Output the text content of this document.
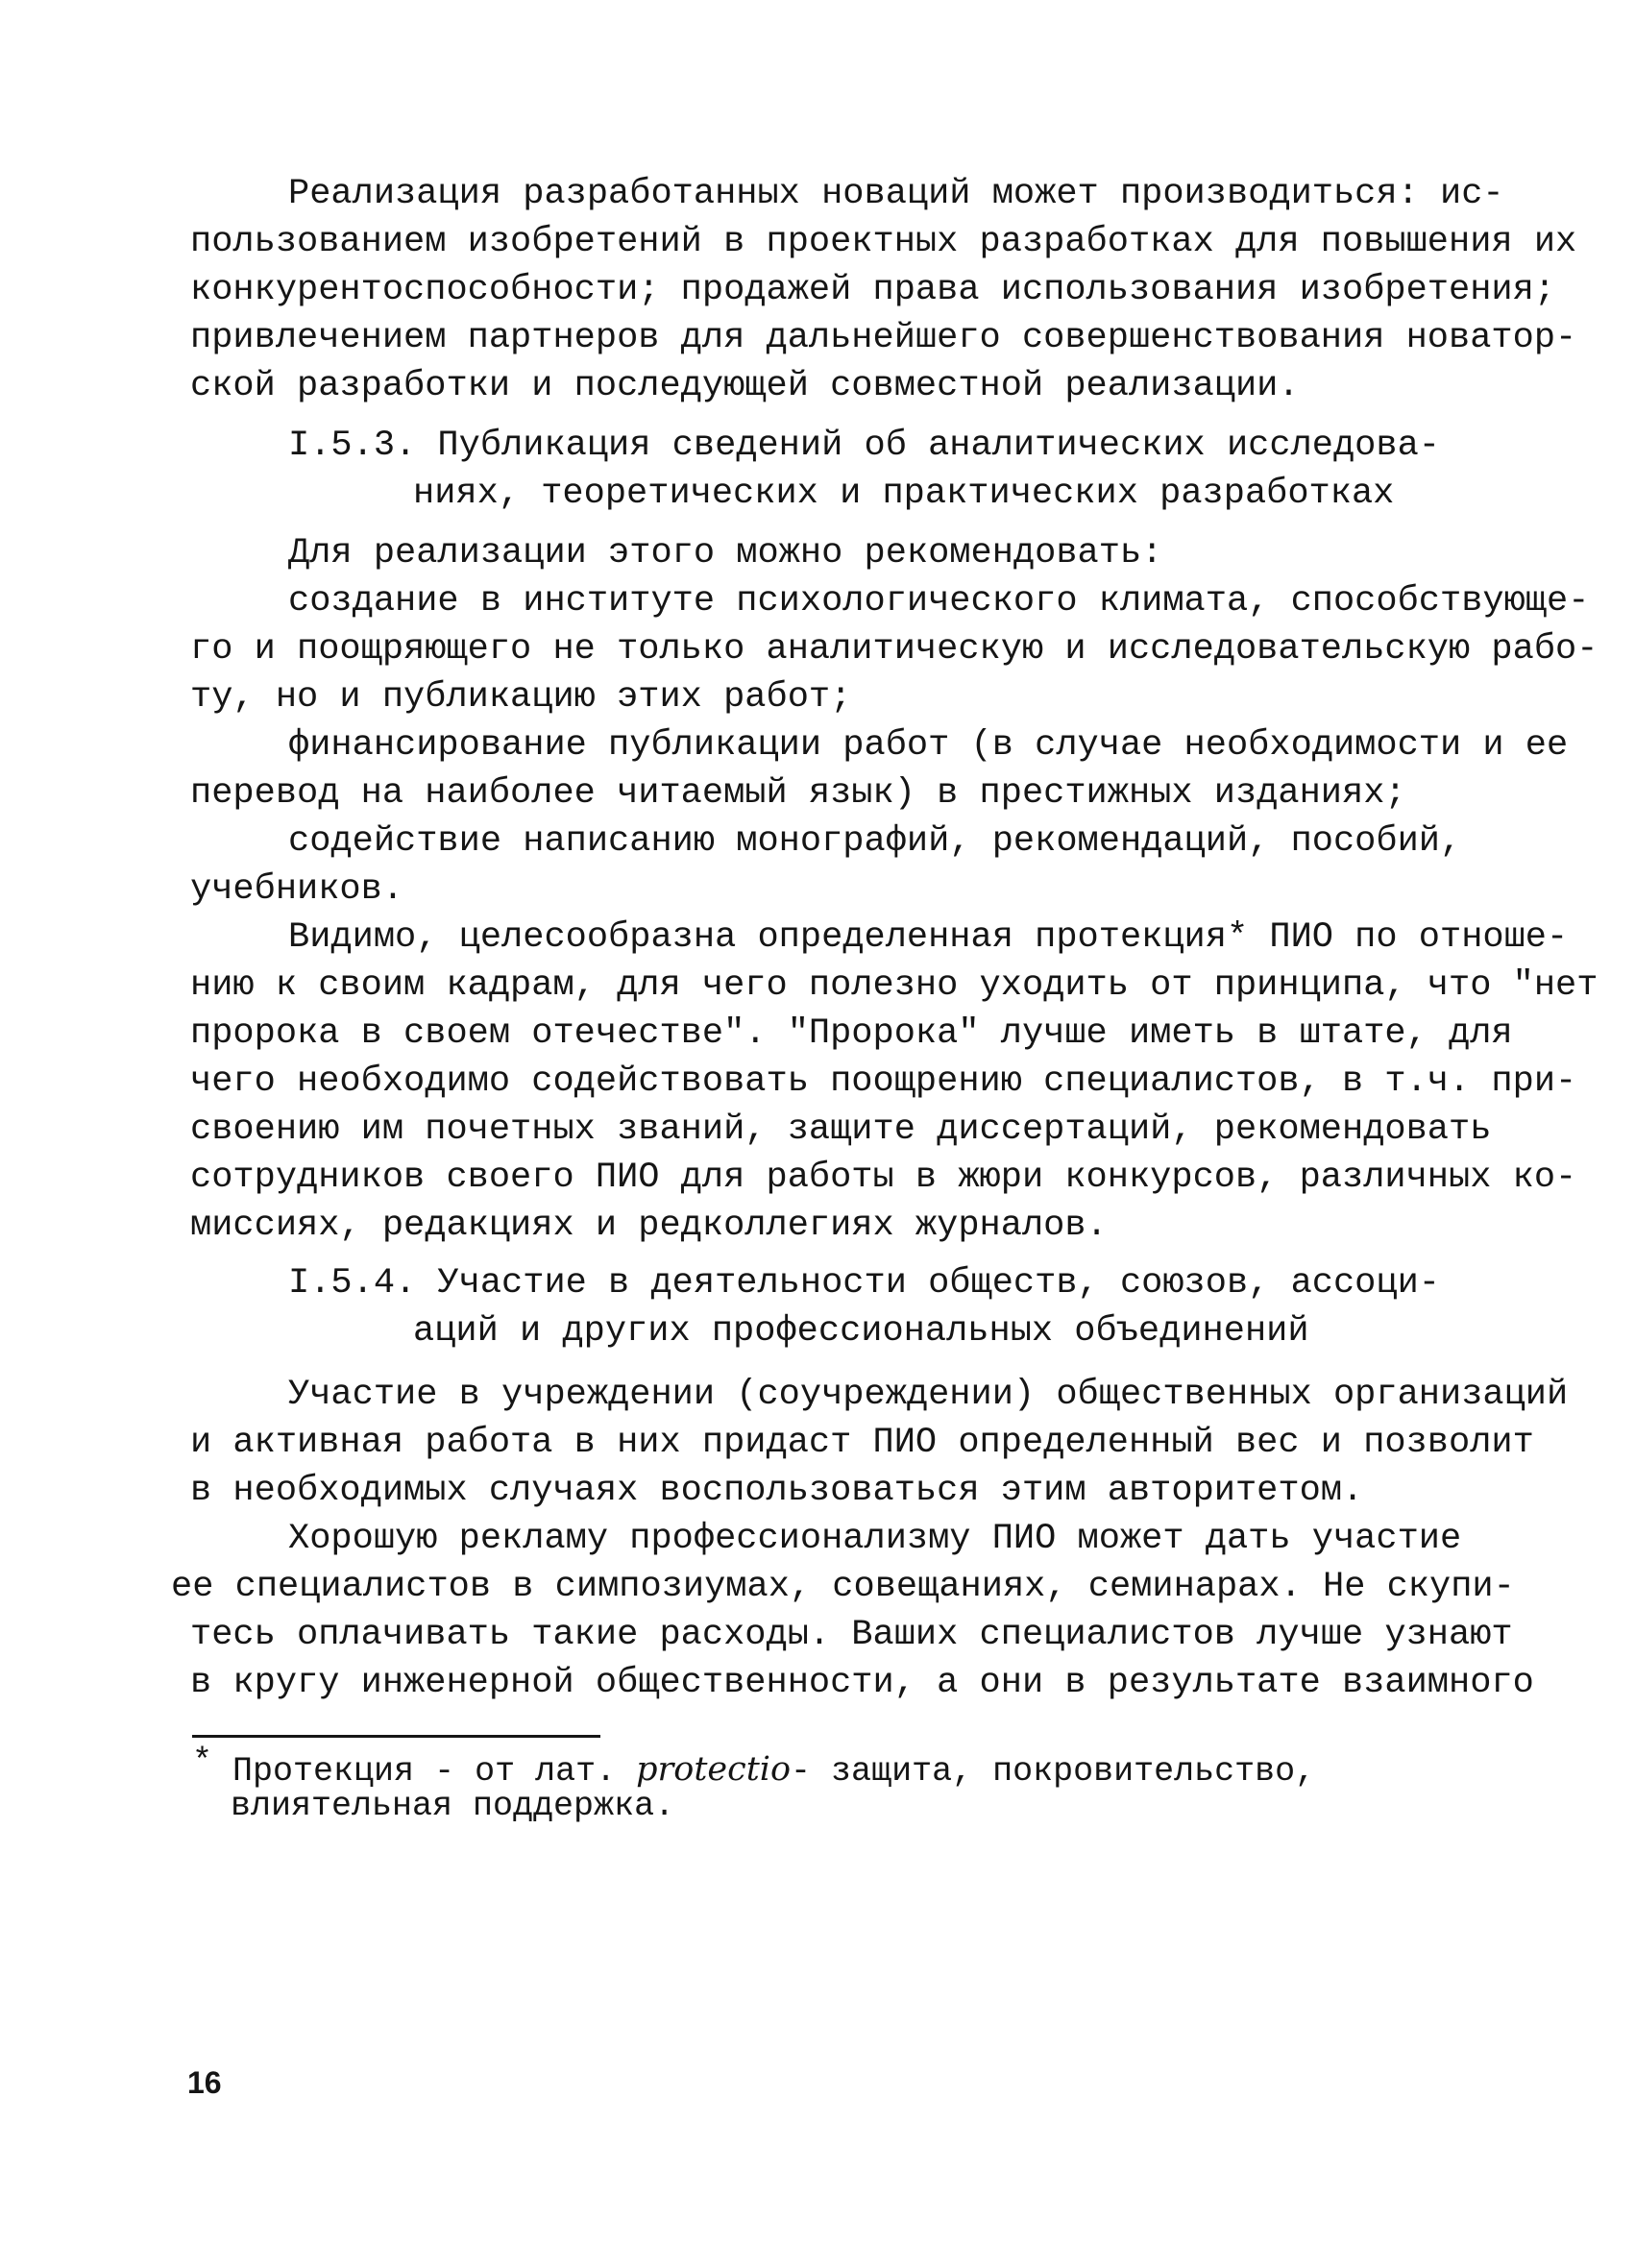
Реализация разработанных новаций может производиться: ис-
пользованием изобретений в проектных разработках для повышения их
конкурентоспособности; продажей права использования изобретения;
привлечением партнеров для дальнейшего совершенствования новатор-
ской разработки и последующей совместной реализации.
I.5.3. Публикация сведений об аналитических исследова-
ниях, теоретических и практических разработках
Для реализации этого можно рекомендовать:
создание в институте психологического климата, способствующе-
го и поощряющего не только аналитическую и исследовательскую рабо-
ту, но и публикацию этих работ;
финансирование публикации работ (в случае необходимости и ее
перевод на наиболее читаемый язык) в престижных изданиях;
содействие написанию монографий, рекомендаций, пособий,
учебников.
Видимо, целесообразна определенная протекция* ПИО по отноше-
нию к своим кадрам, для чего полезно уходить от принципа, что "нет
пророка в своем отечестве". "Пророка" лучше иметь в штате, для
чего необходимо содействовать поощрению специалистов, в т.ч. при-
своению им почетных званий, защите диссертаций, рекомендовать
сотрудников своего ПИО для работы в жюри конкурсов, различных ко-
миссиях, редакциях и редколлегиях журналов.
I.5.4. Участие в деятельности обществ, союзов, ассоци-
аций и других профессиональных объединений
Участие в учреждении (соучреждении) общественных организаций
и активная работа в них придаст ПИО определенный вес и позволит
в необходимых случаях воспользоваться этим авторитетом.
Хорошую рекламу профессионализму ПИО может дать участие
ее специалистов в симпозиумах, совещаниях, семинарах. Не скупи-
тесь оплачивать такие расходы. Ваших специалистов лучше узнают
в кругу инженерной общественности, а они в результате взаимного
* Протекция - от лат. protectio- защита, покровительство,
влиятельная поддержка.
16
